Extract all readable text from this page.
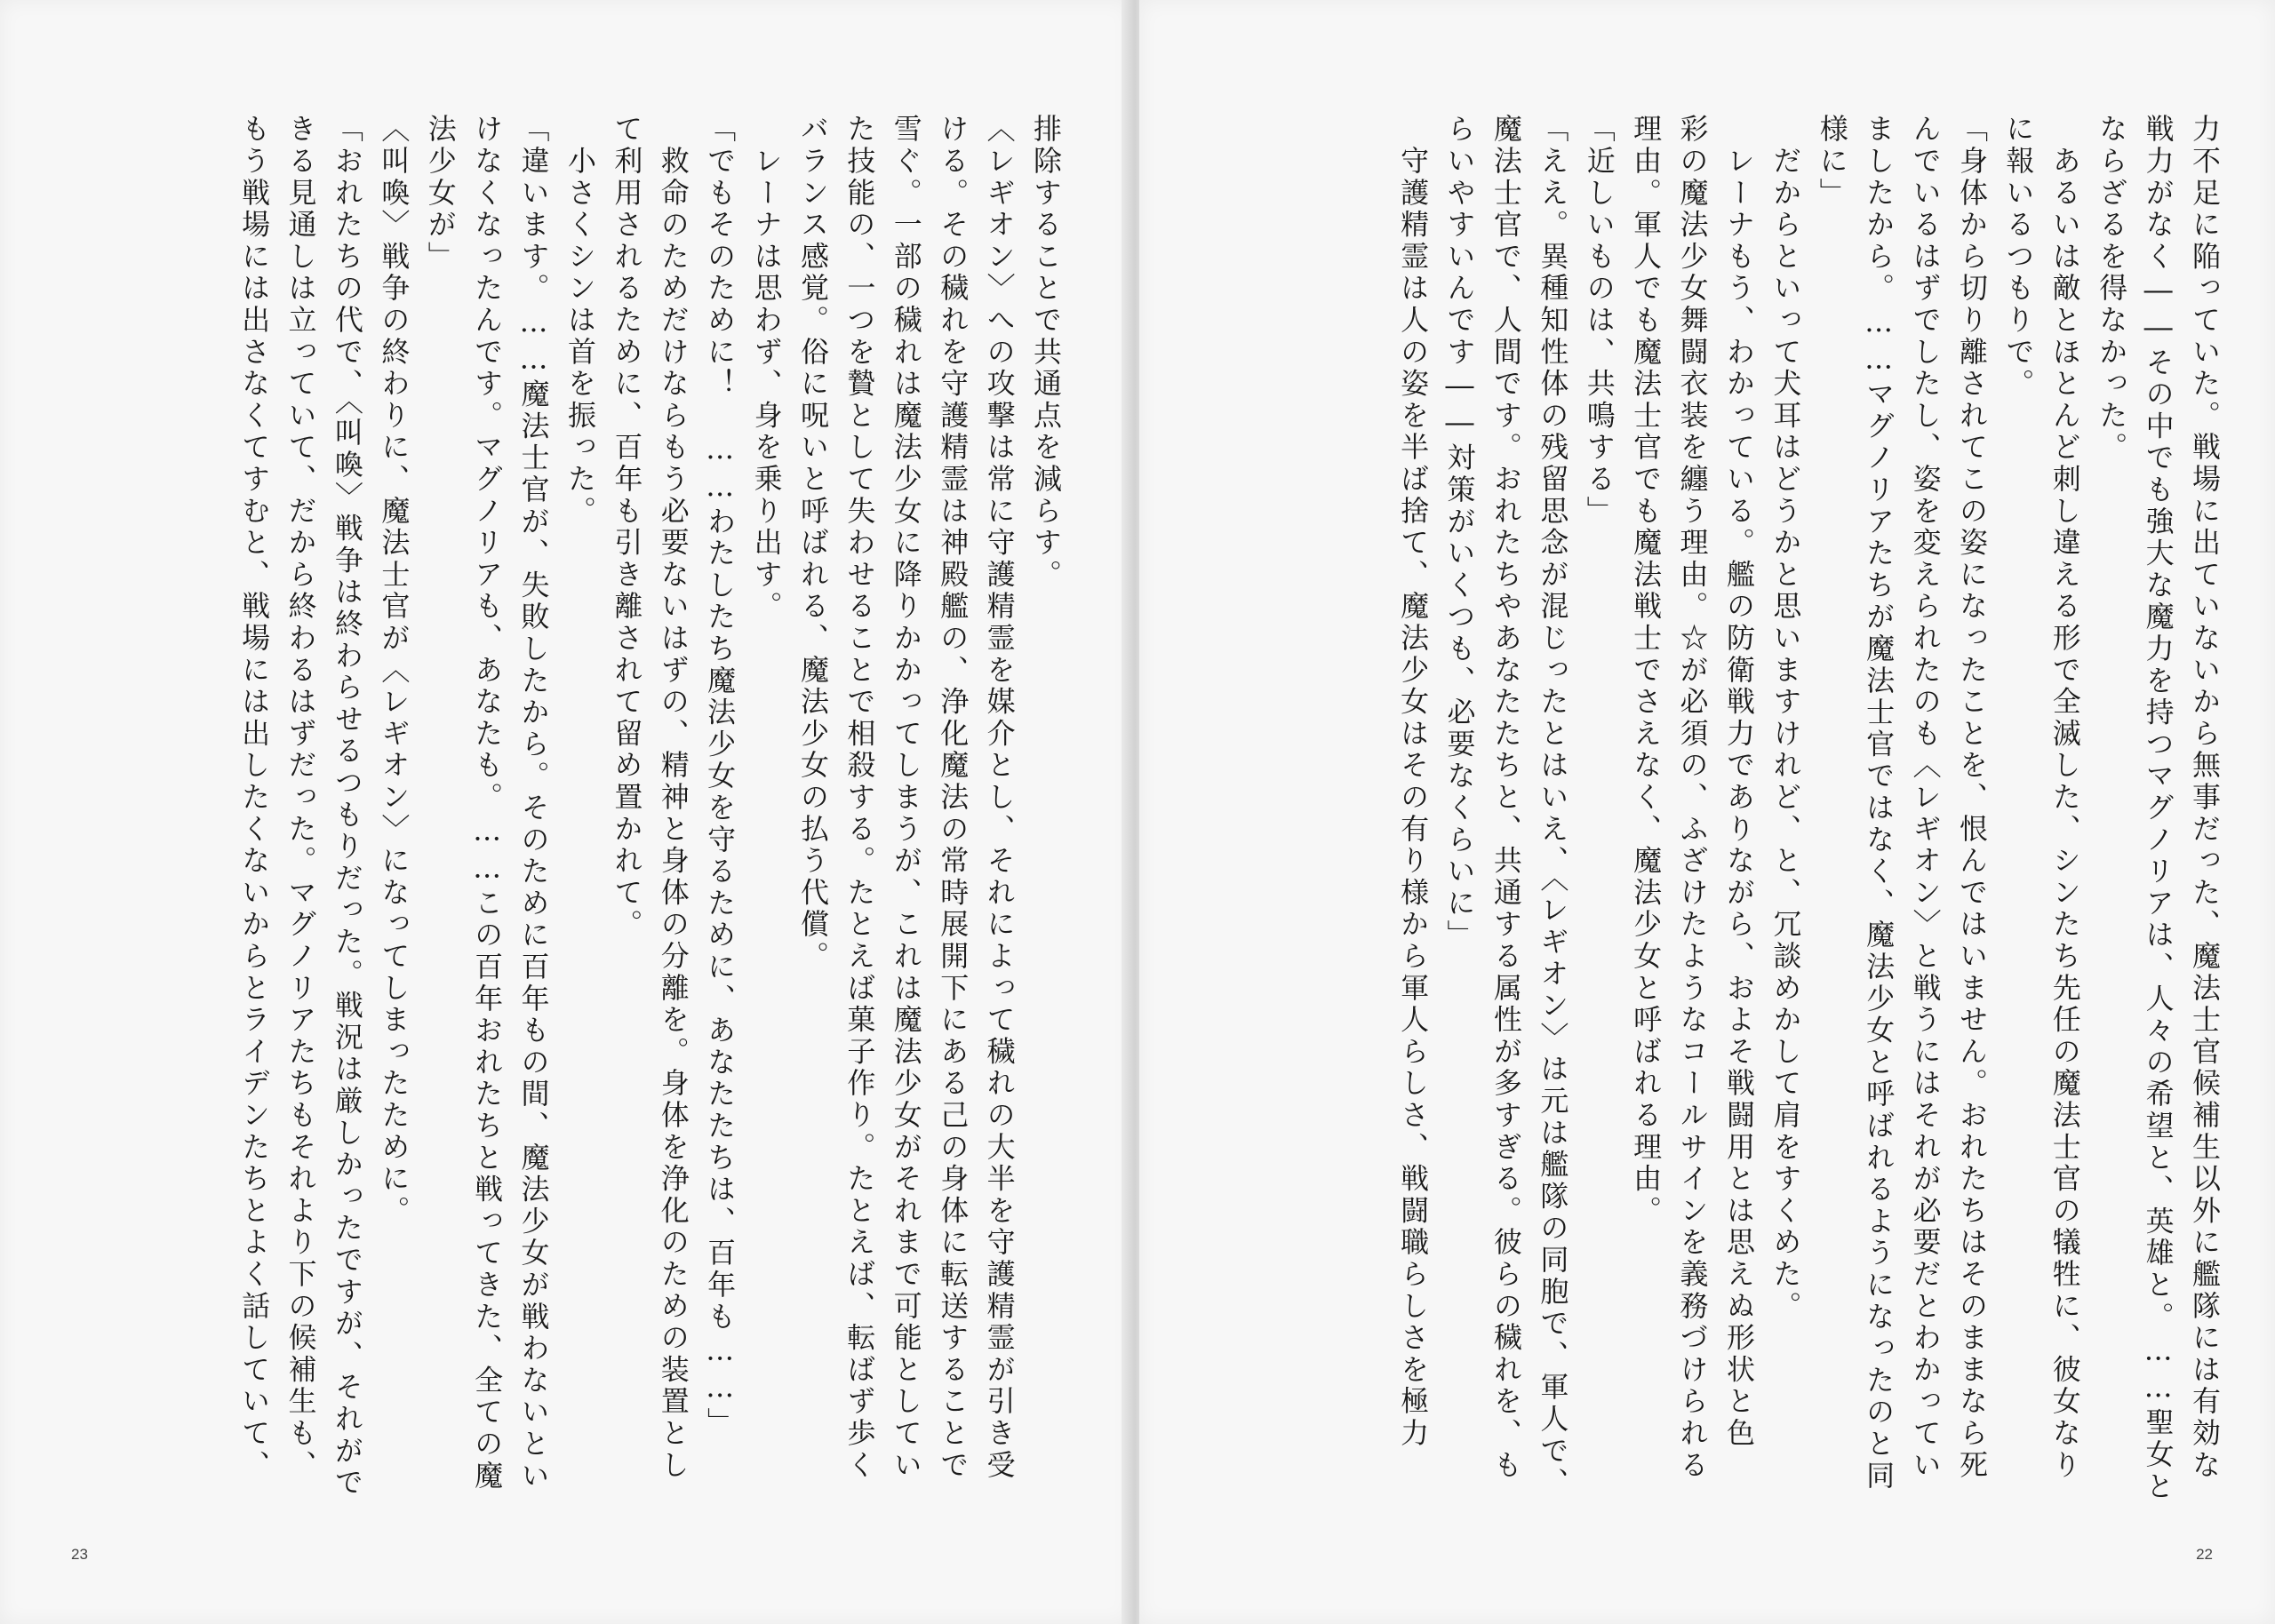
排除することで共通点を減らす。
〈レギオン〉への攻撃は常に守護精霊を媒介とし、それによって穢れの大半を守護精霊が引き受
ける。その穢れを守護精霊は神殿艦の、浄化魔法の常時展開下にある己の身体に転送することで
雪ぐ。一部の穢れは魔法少女に降りかかってしまうが、これは魔法少女がそれまで可能としてい
た技能の、一つを贄として失わせることで相殺する。たとえば菓子作り。たとえば、転ばず歩く
バランス感覚。俗に呪いと呼ばれる、魔法少女の払う代償。
　レーナは思わず、身を乗り出す。
「でもそのために！　……わたしたち魔法少女を守るために、あなたたちは、百年も……」
　救命のためだけならもう必要ないはずの、精神と身体の分離を。身体を浄化のための装置とし
て利用されるために、百年も引き離されて留め置かれて。
　小さくシンは首を振った。
「違います。……魔法士官が、失敗したから。そのために百年もの間、魔法少女が戦わないとい
けなくなったんです。マグノリアも、あなたも。……この百年おれたちと戦ってきた、全ての魔
法少女が」
〈叫喚〉戦争の終わりに、魔法士官が〈レギオン〉になってしまったために。
「おれたちの代で、〈叫喚〉戦争は終わらせるつもりだった。戦況は厳しかったですが、それがで
きる見通しは立っていて、だから終わるはずだった。マグノリアたちもそれより下の候補生も、
もう戦場には出さなくてすむと、戦場には出したくないからとライデンたちとよく話していて、
23
力不足に陥っていた。戦場に出ていないから無事だった、魔法士官候補生以外に艦隊には有効な
戦力がなく――その中でも強大な魔力を持つマグノリアは、人々の希望と、英雄と。……聖女と
ならざるを得なかった。
　あるいは敵とほとんど刺し違える形で全滅した、シンたち先任の魔法士官の犠牲に、彼女なり
に報いるつもりで。
「身体から切り離されてこの姿になったことを、恨んではいません。おれたちはそのままなら死
んでいるはずでしたし、姿を変えられたのも〈レギオン〉と戦うにはそれが必要だとわかってい
ましたから。……マグノリアたちが魔法士官ではなく、魔法少女と呼ばれるようになったのと同
様に」
　だからといって犬耳はどうかと思いますけれど、と、冗談めかして肩をすくめた。
　レーナもう、わかっている。艦の防衛戦力でありながら、およそ戦闘用とは思えぬ形状と色
彩の魔法少女舞闘衣装を纏う理由。☆が必須の、ふざけたようなコールサインを義務づけられる
理由。軍人でも魔法士官でも魔法戦士でさえなく、魔法少女と呼ばれる理由。
「近しいものは、共鳴する」
「ええ。異種知性体の残留思念が混じったとはいえ、〈レギオン〉は元は艦隊の同胞で、軍人で、
魔法士官で、人間です。おれたちやあなたたちと、共通する属性が多すぎる。彼らの穢れを、も
らいやすいんです――対策がいくつも、必要なくらいに」
　守護精霊は人の姿を半ば捨て、魔法少女はその有り様から軍人らしさ、戦闘職らしさを極力
22
